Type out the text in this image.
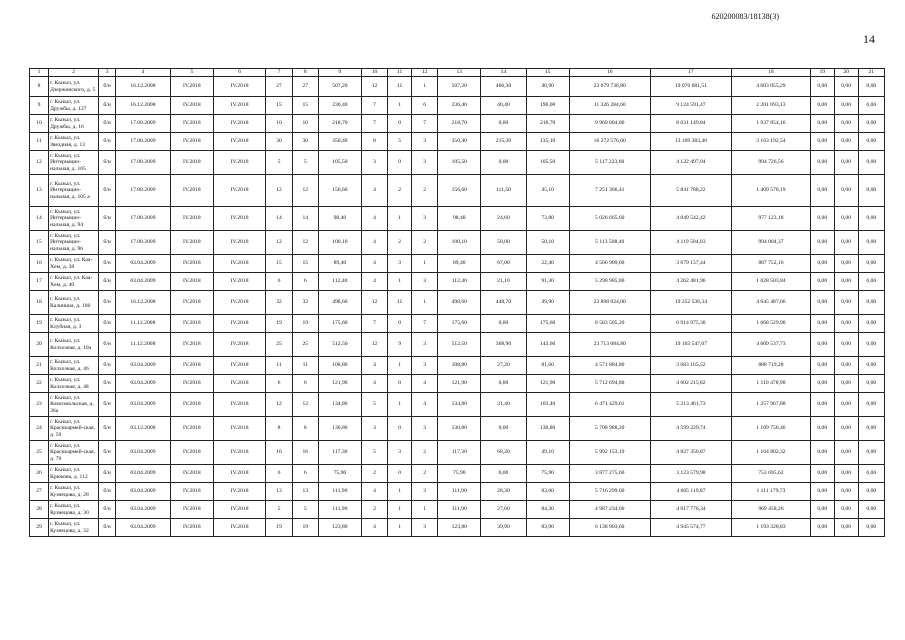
620200083/18138(3)
14
1	2	3	4	5	6	7	8	9	10	11	12	13	14	15	16	17	18	19	20	21
8	г. Кызыл, ул. Дзержинского, д. 5	б/н	16.12.2008	IV.2018	IV.2018	27	27	507,20	12	11	1	507,20	466,30	40,90	23 679 736,80	19 076 681,51	4 603 055,29	0,00	0,00	0,00
9	г. Кызыл, ул. Дружбы, д. 127	б/н	16.12.2008	IV.2018	IV.2018	15	15	236,40	7	1	6	236,40	40,40	196,00	11 326 284,60	9 124 591,47	2 201 693,13	0,00	0,00	0,00
10	г. Кызыл, ул. Дружбы, д. 16	б/н	17.08.2009	IV.2018	IV.2018	10	10	218,70	7	0	7	218,70	0,00	218,70	9 969 004,00	8 031 149,84	1 937 854,16	0,00	0,00	0,00
11	г. Кызыл, ул. Звездная, д. 13	б/н	17.08.2009	IV.2018	IV.2018	30	30	350,40	8	5	3	350,40	215,30	135,10	16 272 576,00	13 109 383,46	3 163 192,54	0,00	0,00	0,00
12	г. Кызыл, ул. Интернацио-нальная, д. 105	б/н	17.08.2009	IV.2018	IV.2018	5	5	105,50	3	0	3	105,50	0,00	105,50	5 117 223,60	4 122 497,04	994 726,56	0,00	0,00	0,00
13	г. Кызыл, ул. Интернацио-нальная, д. 105 а	б/н	17.08.2009	IV.2018	IV.2018	12	12	156,60	4	2	2	156,60	111,50	45,10	7 251 366,41	5 841 788,22	1 409 578,19	0,00	0,00	0,00
14	г. Кызыл, ул. Интернацио-нальная, д. 94	б/н	17.08.2009	IV.2018	IV.2018	14	14	98,40	4	1	3	98,40	24,60	73,80	5 026 665,60	4 049 542,42	977 123,18	0,00	0,00	0,00
15	г. Кызыл, ул. Интернацио-нальная, д. 96	б/н	17.08.2009	IV.2018	IV.2018	12	12	100,10	4	2	2	100,10	50,00	50,10	5 113 508,40	4 119 504,03	994 004,37	0,00	0,00	0,00
16	г. Кызыл, ул. Каа-Хем, д. 38	б/н	03.04.2009	IV.2018	IV.2018	15	15	89,40	4	3	1	89,40	67,00	22,40	4 566 909,60	3 679 157,44	887 752,16	0,00	0,00	0,00
17	г. Кызыл, ул. Каа-Хем, д. 40	б/н	03.04.2009	IV.2018	IV.2018	6	6	112,40	4	1	3	112,40	21,10	91,30	5 290 985,80	4 262 481,96	1 028 503,84	0,00	0,00	0,00
18	г. Кызыл, ул. Калинина, д. 100	б/н	16.12.2008	IV.2018	IV.2018	32	32	498,60	12	11	1	498,60	448,70	49,90	23 898 024,00	19 252 536,34	4 645 487,66	0,00	0,00	0,00
19	г. Кызыл, ул. Клубная, д. 3	б/н	11.12.2008	IV.2018	IV.2018	19	19	175,60	7	0	7	175,60	0,00	175,60	8 583 505,20	6 914 975,30	1 668 529,90	0,00	0,00	0,00
20	г. Кызыл, ул. Колхозная, д. 10а	б/н	11.12.2008	IV.2018	IV.2018	25	25	512,50	12	9	3	512,50	368,90	143,60	23 713 084,80	19 103 547,07	4 609 537,73	0,00	0,00	0,00
21	г. Кызыл, ул. Колхозная, д. 46	б/н	03.04.2009	IV.2018	IV.2018	11	11	108,80	4	1	3	108,80	27,20	81,60	4 571 884,80	3 683 165,52	888 719,28	0,00	0,00	0,00
22	г. Кызыл, ул. Колхозная, д. 48	б/н	03.04.2009	IV.2018	IV.2018	6	6	121,90	4	0	4	121,90	0,00	121,90	5 712 694,80	4 602 215,82	1 110 478,98	0,00	0,00	0,00
23	г. Кызыл, ул. Комсомольская, д. 36а	б/н	03.04.2009	IV.2018	IV.2018	12	12	134,80	5	1	4	134,80	31,40	103,40	6 471 429,61	5 213 461,73	1 257 967,88	0,00	0,00	0,00
24	г. Кызыл, ул. Красноармей-ская, д. 59	б/н	03.12.2008	IV.2018	IV.2018	8	8	130,80	3	0	3	130,80	0,00	130,80	5 708 988,20	4 599 229,74	1 109 758,46	0,00	0,00	0,00
25	г. Кызыл, ул. Красноармей-ская, д. 79	б/н	03.04.2009	IV.2018	IV.2018	16	16	117,30	5	3	2	117,30	68,20	49,10	5 992 153,19	4 827 350,87	1 164 802,32	0,00	0,00	0,00
26	г. Кызыл, ул. Крюкова, д. 112	б/н	03.04.2009	IV.2018	IV.2018	6	6	75,90	2	0	2	75,90	0,00	75,90	3 877 275,60	3 123 579,98	753 695,62	0,00	0,00	0,00
27	г. Кызыл, ул. Кузнецова, д. 28	б/н	03.04.2009	IV.2018	IV.2018	13	13	111,90	4	1	3	111,90	28,30	83,60	5 716 299,60	4 605 119,87	1 111 179,73	0,00	0,00	0,00
28	г. Кызыл, ул. Кузнецова, д. 30	б/н	03.04.2009	IV.2018	IV.2018	5	5	111,90	2	1	1	111,90	27,60	84,30	4 987 234,60	4 017 776,34	969 458,26	0,00	0,00	0,00
29	г. Кызыл, ул. Кузнецова, д. 32	б/н	03.04.2009	IV.2018	IV.2018	19	19	123,80	4	1	3	123,80	39,90	83,90	6 138 903,60	4 945 574,77	1 193 328,83	0,00	0,00	0,00
